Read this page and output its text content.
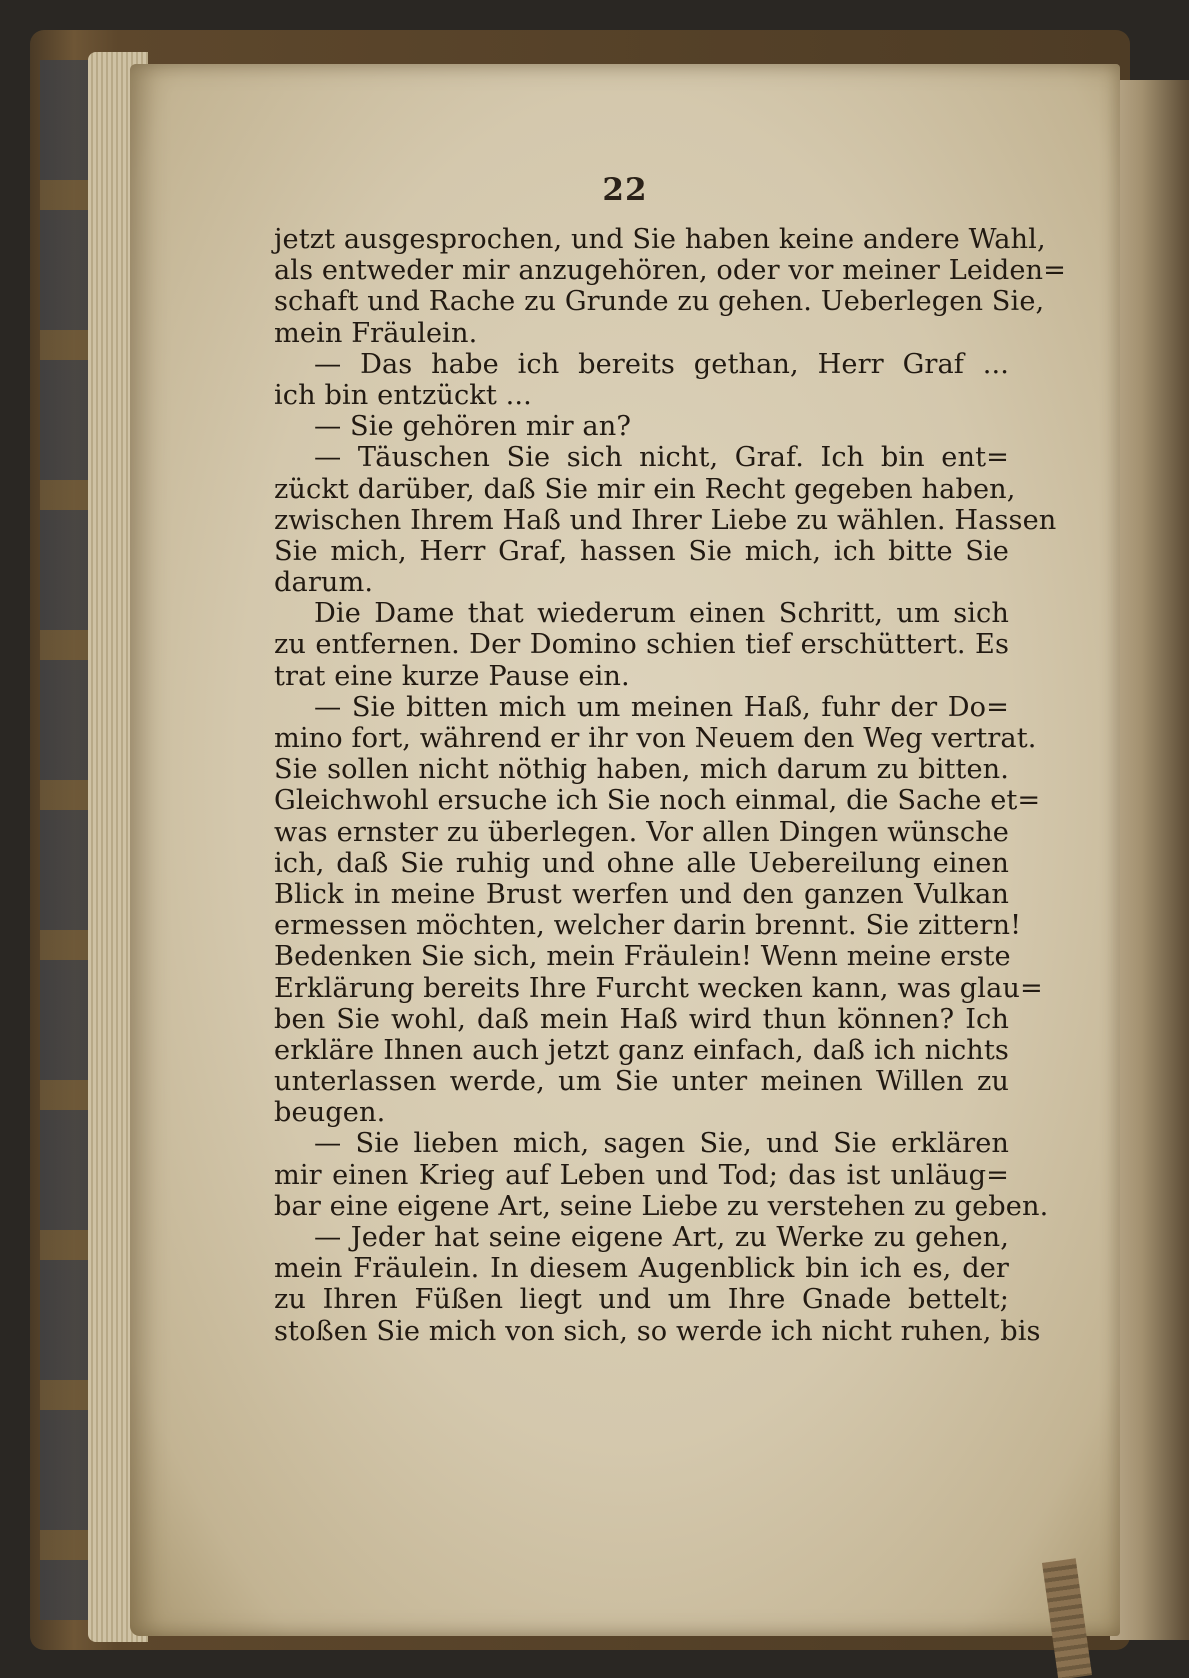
22
jetzt ausgesprochen, und Sie haben keine andere Wahl,
als entweder mir anzugehören, oder vor meiner Leiden=
schaft und Rache zu Grunde zu gehen. Ueberlegen Sie,
mein Fräulein.
— Das habe ich bereits gethan, Herr Graf ...
ich bin entzückt ...
— Sie gehören mir an?
— Täuschen Sie sich nicht, Graf. Ich bin ent=
zückt darüber, daß Sie mir ein Recht gegeben haben,
zwischen Ihrem Haß und Ihrer Liebe zu wählen. Hassen
Sie mich, Herr Graf, hassen Sie mich, ich bitte Sie
darum.
Die Dame that wiederum einen Schritt, um sich
zu entfernen. Der Domino schien tief erschüttert. Es
trat eine kurze Pause ein.
— Sie bitten mich um meinen Haß, fuhr der Do=
mino fort, während er ihr von Neuem den Weg vertrat.
Sie sollen nicht nöthig haben, mich darum zu bitten.
Gleichwohl ersuche ich Sie noch einmal, die Sache et=
was ernster zu überlegen. Vor allen Dingen wünsche
ich, daß Sie ruhig und ohne alle Uebereilung einen
Blick in meine Brust werfen und den ganzen Vulkan
ermessen möchten, welcher darin brennt. Sie zittern!
Bedenken Sie sich, mein Fräulein! Wenn meine erste
Erklärung bereits Ihre Furcht wecken kann, was glau=
ben Sie wohl, daß mein Haß wird thun können? Ich
erkläre Ihnen auch jetzt ganz einfach, daß ich nichts
unterlassen werde, um Sie unter meinen Willen zu
beugen.
— Sie lieben mich, sagen Sie, und Sie erklären
mir einen Krieg auf Leben und Tod; das ist unläug=
bar eine eigene Art, seine Liebe zu verstehen zu geben.
— Jeder hat seine eigene Art, zu Werke zu gehen,
mein Fräulein. In diesem Augenblick bin ich es, der
zu Ihren Füßen liegt und um Ihre Gnade bettelt;
stoßen Sie mich von sich, so werde ich nicht ruhen, bis
